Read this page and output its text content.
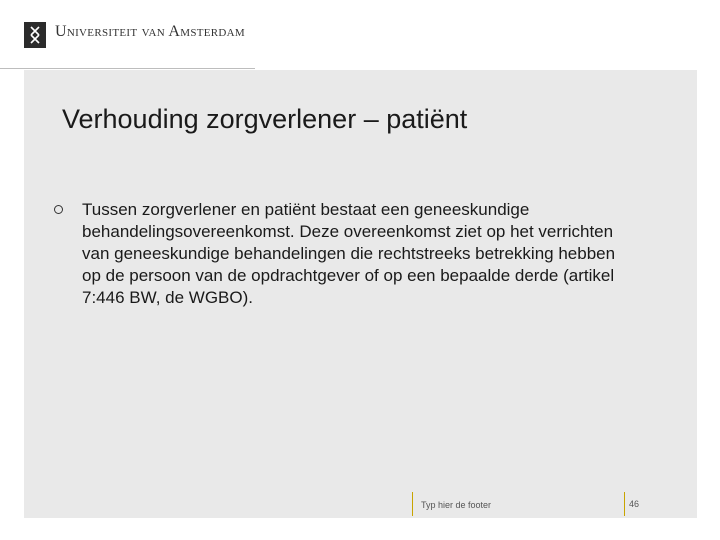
Universiteit van Amsterdam
Verhouding zorgverlener – patiënt
Tussen zorgverlener en patiënt bestaat een geneeskundige behandelingsovereenkomst. Deze overeenkomst ziet op het verrichten van geneeskundige behandelingen die rechtstreeks betrekking hebben op de persoon van de opdrachtgever of op een bepaalde derde (artikel 7:446 BW, de WGBO).
Typ hier de footer	46
